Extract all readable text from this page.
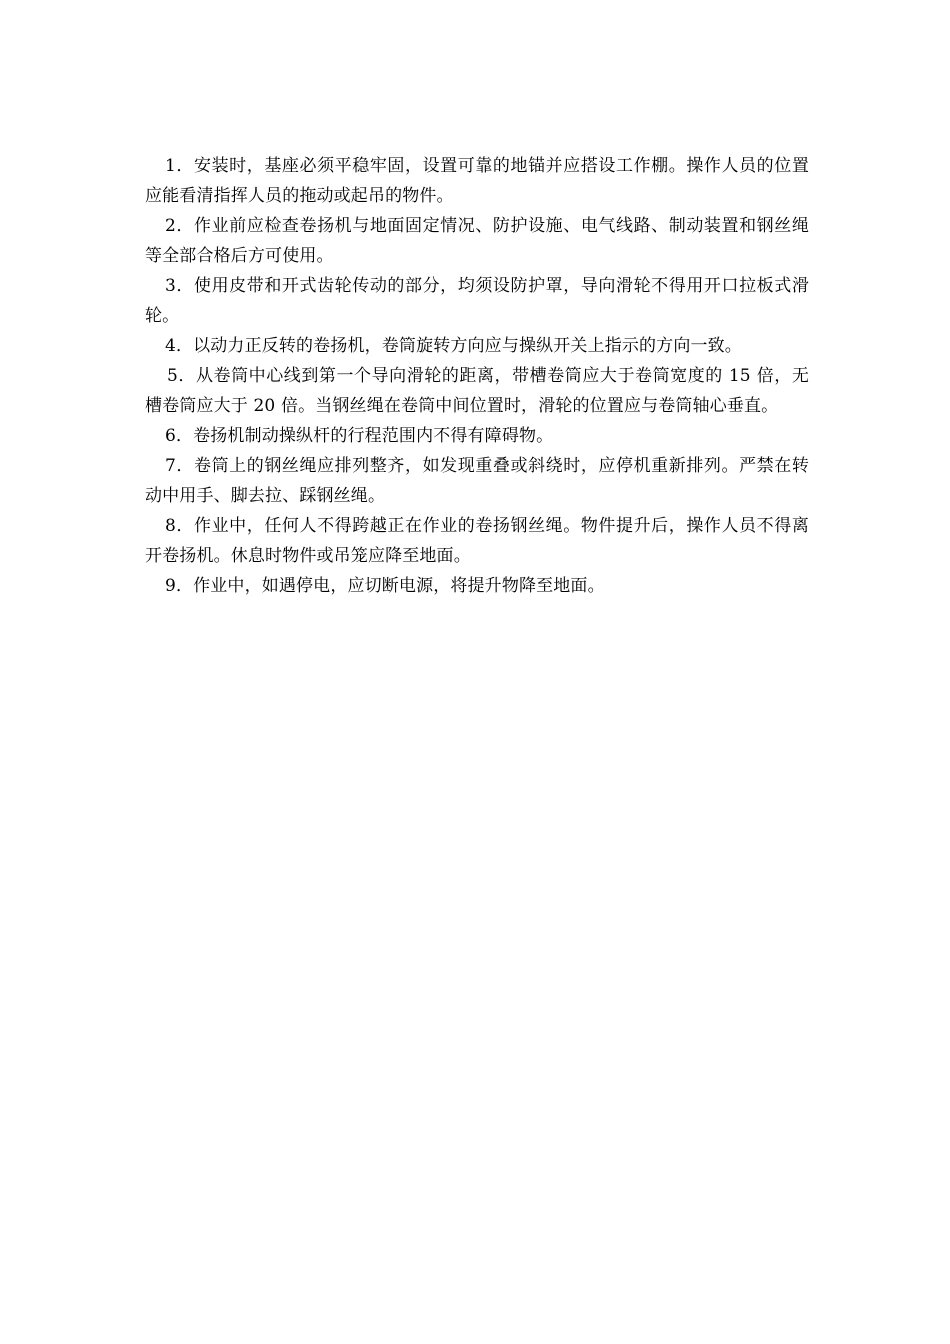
1．安装时，基座必须平稳牢固，设置可靠的地锚并应搭设工作棚。操作人员的位置应能看清指挥人员的拖动或起吊的物件。

2．作业前应检查卷扬机与地面固定情况、防护设施、电气线路、制动装置和钢丝绳等全部合格后方可使用。

3．使用皮带和开式齿轮传动的部分，均须设防护罩，导向滑轮不得用开口拉板式滑轮。

4．以动力正反转的卷扬机，卷筒旋转方向应与操纵开关上指示的方向一致。

5．从卷筒中心线到第一个导向滑轮的距离，带槽卷筒应大于卷筒宽度的 15 倍，无槽卷筒应大于 20 倍。当钢丝绳在卷筒中间位置时，滑轮的位置应与卷筒轴心垂直。

6．卷扬机制动操纵杆的行程范围内不得有障碍物。

7．卷筒上的钢丝绳应排列整齐，如发现重叠或斜绕时，应停机重新排列。严禁在转动中用手、脚去拉、踩钢丝绳。

8．作业中，任何人不得跨越正在作业的卷扬钢丝绳。物件提升后，操作人员不得离开卷扬机。休息时物件或吊笼应降至地面。

9．作业中，如遇停电，应切断电源，将提升物降至地面。
